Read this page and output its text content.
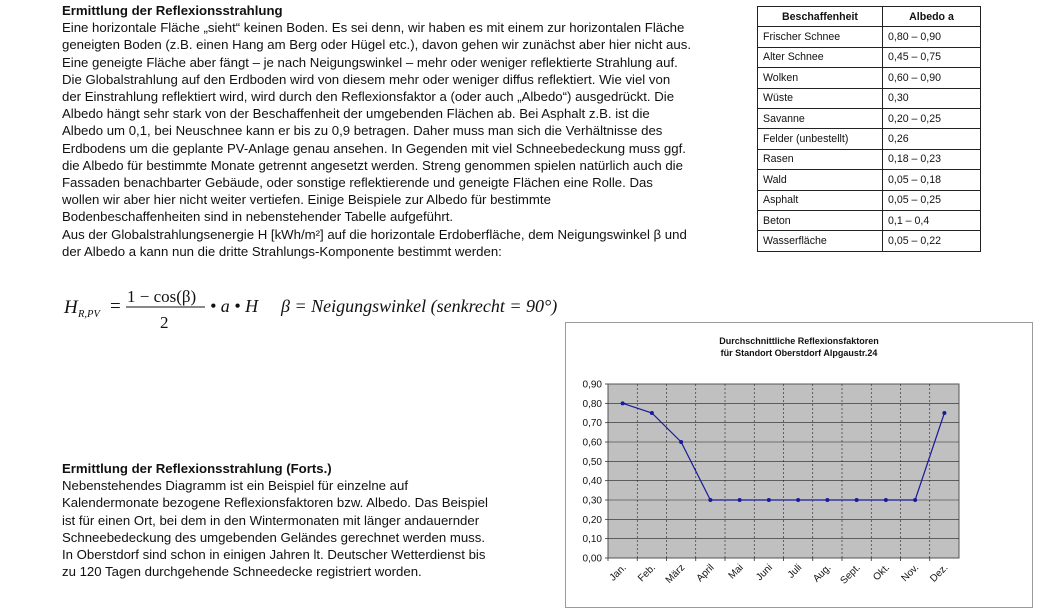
Ermittlung der Reflexionsstrahlung

Eine horizontale Fläche „sieht“ keinen Boden. Es sei denn, wir haben es mit einem zur horizontalen Fläche

geneigten Boden (z.B. einen Hang am Berg oder Hügel etc.), davon gehen wir zunächst aber hier nicht aus.

Eine geneigte Fläche aber fängt – je nach Neigungswinkel – mehr oder weniger reflektierte Strahlung auf.

Die Globalstrahlung auf den Erdboden wird von diesem mehr oder weniger diffus reflektiert. Wie viel von

der Einstrahlung reflektiert wird, wird durch den Reflexionsfaktor a (oder auch „Albedo“) ausgedrückt. Die

Albedo hängt sehr stark von der Beschaffenheit der umgebenden Flächen ab. Bei Asphalt z.B. ist die

Albedo um 0,1, bei Neuschnee kann er bis zu 0,9 betragen. Daher muss man sich die Verhältnisse des

Erdbodens um die geplante PV-Anlage genau ansehen. In Gegenden mit viel Schneebedeckung muss ggf.

die Albedo für bestimmte Monate getrennt angesetzt werden. Streng genommen spielen natürlich auch die

Fassaden benachbarter Gebäude, oder sonstige reflektierende und geneigte Flächen eine Rolle. Das

wollen wir aber hier nicht weiter vertiefen. Einige Beispiele zur Albedo für bestimmte

Bodenbeschaffenheiten sind in nebenstehender Tabelle aufgeführt.

Aus der Globalstrahlungsenergie H [kWh/m²] auf die horizontale Erdoberfläche, dem Neigungswinkel β und

der Albedo a kann nun die dritte Strahlungs-Komponente bestimmt werden:

Beschaffenheit	Albedo a
Frischer Schnee	0,80 – 0,90
Alter Schnee	0,45 – 0,75
Wolken	0,60 – 0,90
Wüste	0,30
Savanne	0,20 – 0,25
Felder (unbestellt)	0,26
Rasen	0,18 – 0,23
Wald	0,05 – 0,18
Asphalt	0,05 – 0,25
Beton	0,1 – 0,4
Wasserfläche	0,05 – 0,22
H R,PV = 1 − cos(β)
2
• a • H β = Neigungswinkel (senkrecht = 90°)
Ermittlung der Reflexionsstrahlung (Forts.)

Nebenstehendes Diagramm ist ein Beispiel für einzelne auf

Kalendermonate bezogene Reflexionsfaktoren bzw. Albedo. Das Beispiel

ist für einen Ort, bei dem in den Wintermonaten mit länger andauernder

Schneebedeckung des umgebenden Geländes gerechnet werden muss.

In Oberstdorf sind schon in einigen Jahren lt. Deutscher Wetterdienst bis

zu 120 Tagen durchgehende Schneedecke registriert worden.

Durchschnittliche Reflexionsfaktoren
für Standort Oberstdorf Alpgaustr.24
0,00
0,10
0,20
0,30
0,40
0,50
0,60
0,70
0,80
0,90
Jan. Feb. März April Mai Juni Juli Aug. Sept. Okt. Nov. Dez.
